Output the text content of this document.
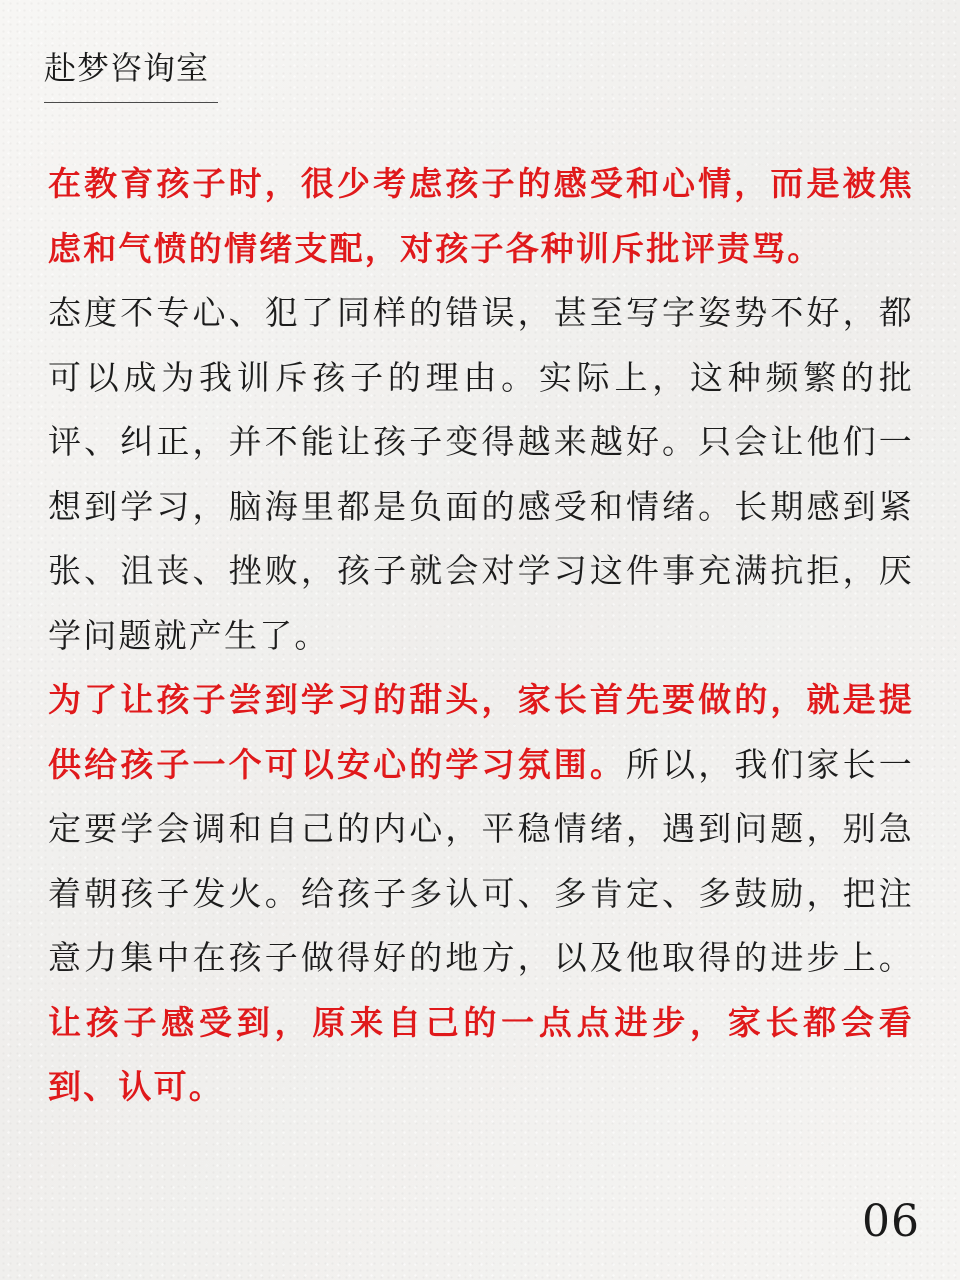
赴梦咨询室

在教育孩子时，很少考虑孩子的感受和心情，而是被焦虑和气愤的情绪支配，对孩子各种训斥批评责骂。

态度不专心、犯了同样的错误，甚至写字姿势不好，都可以成为我训斥孩子的理由。实际上，这种频繁的批评、纠正，并不能让孩子变得越来越好。只会让他们一想到学习，脑海里都是负面的感受和情绪。长期感到紧张、沮丧、挫败，孩子就会对学习这件事充满抗拒，厌学问题就产生了。

为了让孩子尝到学习的甜头，家长首先要做的，就是提供给孩子一个可以安心的学习氛围。所以，我们家长一定要学会调和自己的内心，平稳情绪，遇到问题，别急着朝孩子发火。给孩子多认可、多肯定、多鼓励，把注意力集中在孩子做得好的地方，以及他取得的进步上。让孩子感受到，原来自己的一点点进步，家长都会看到、认可。

06
